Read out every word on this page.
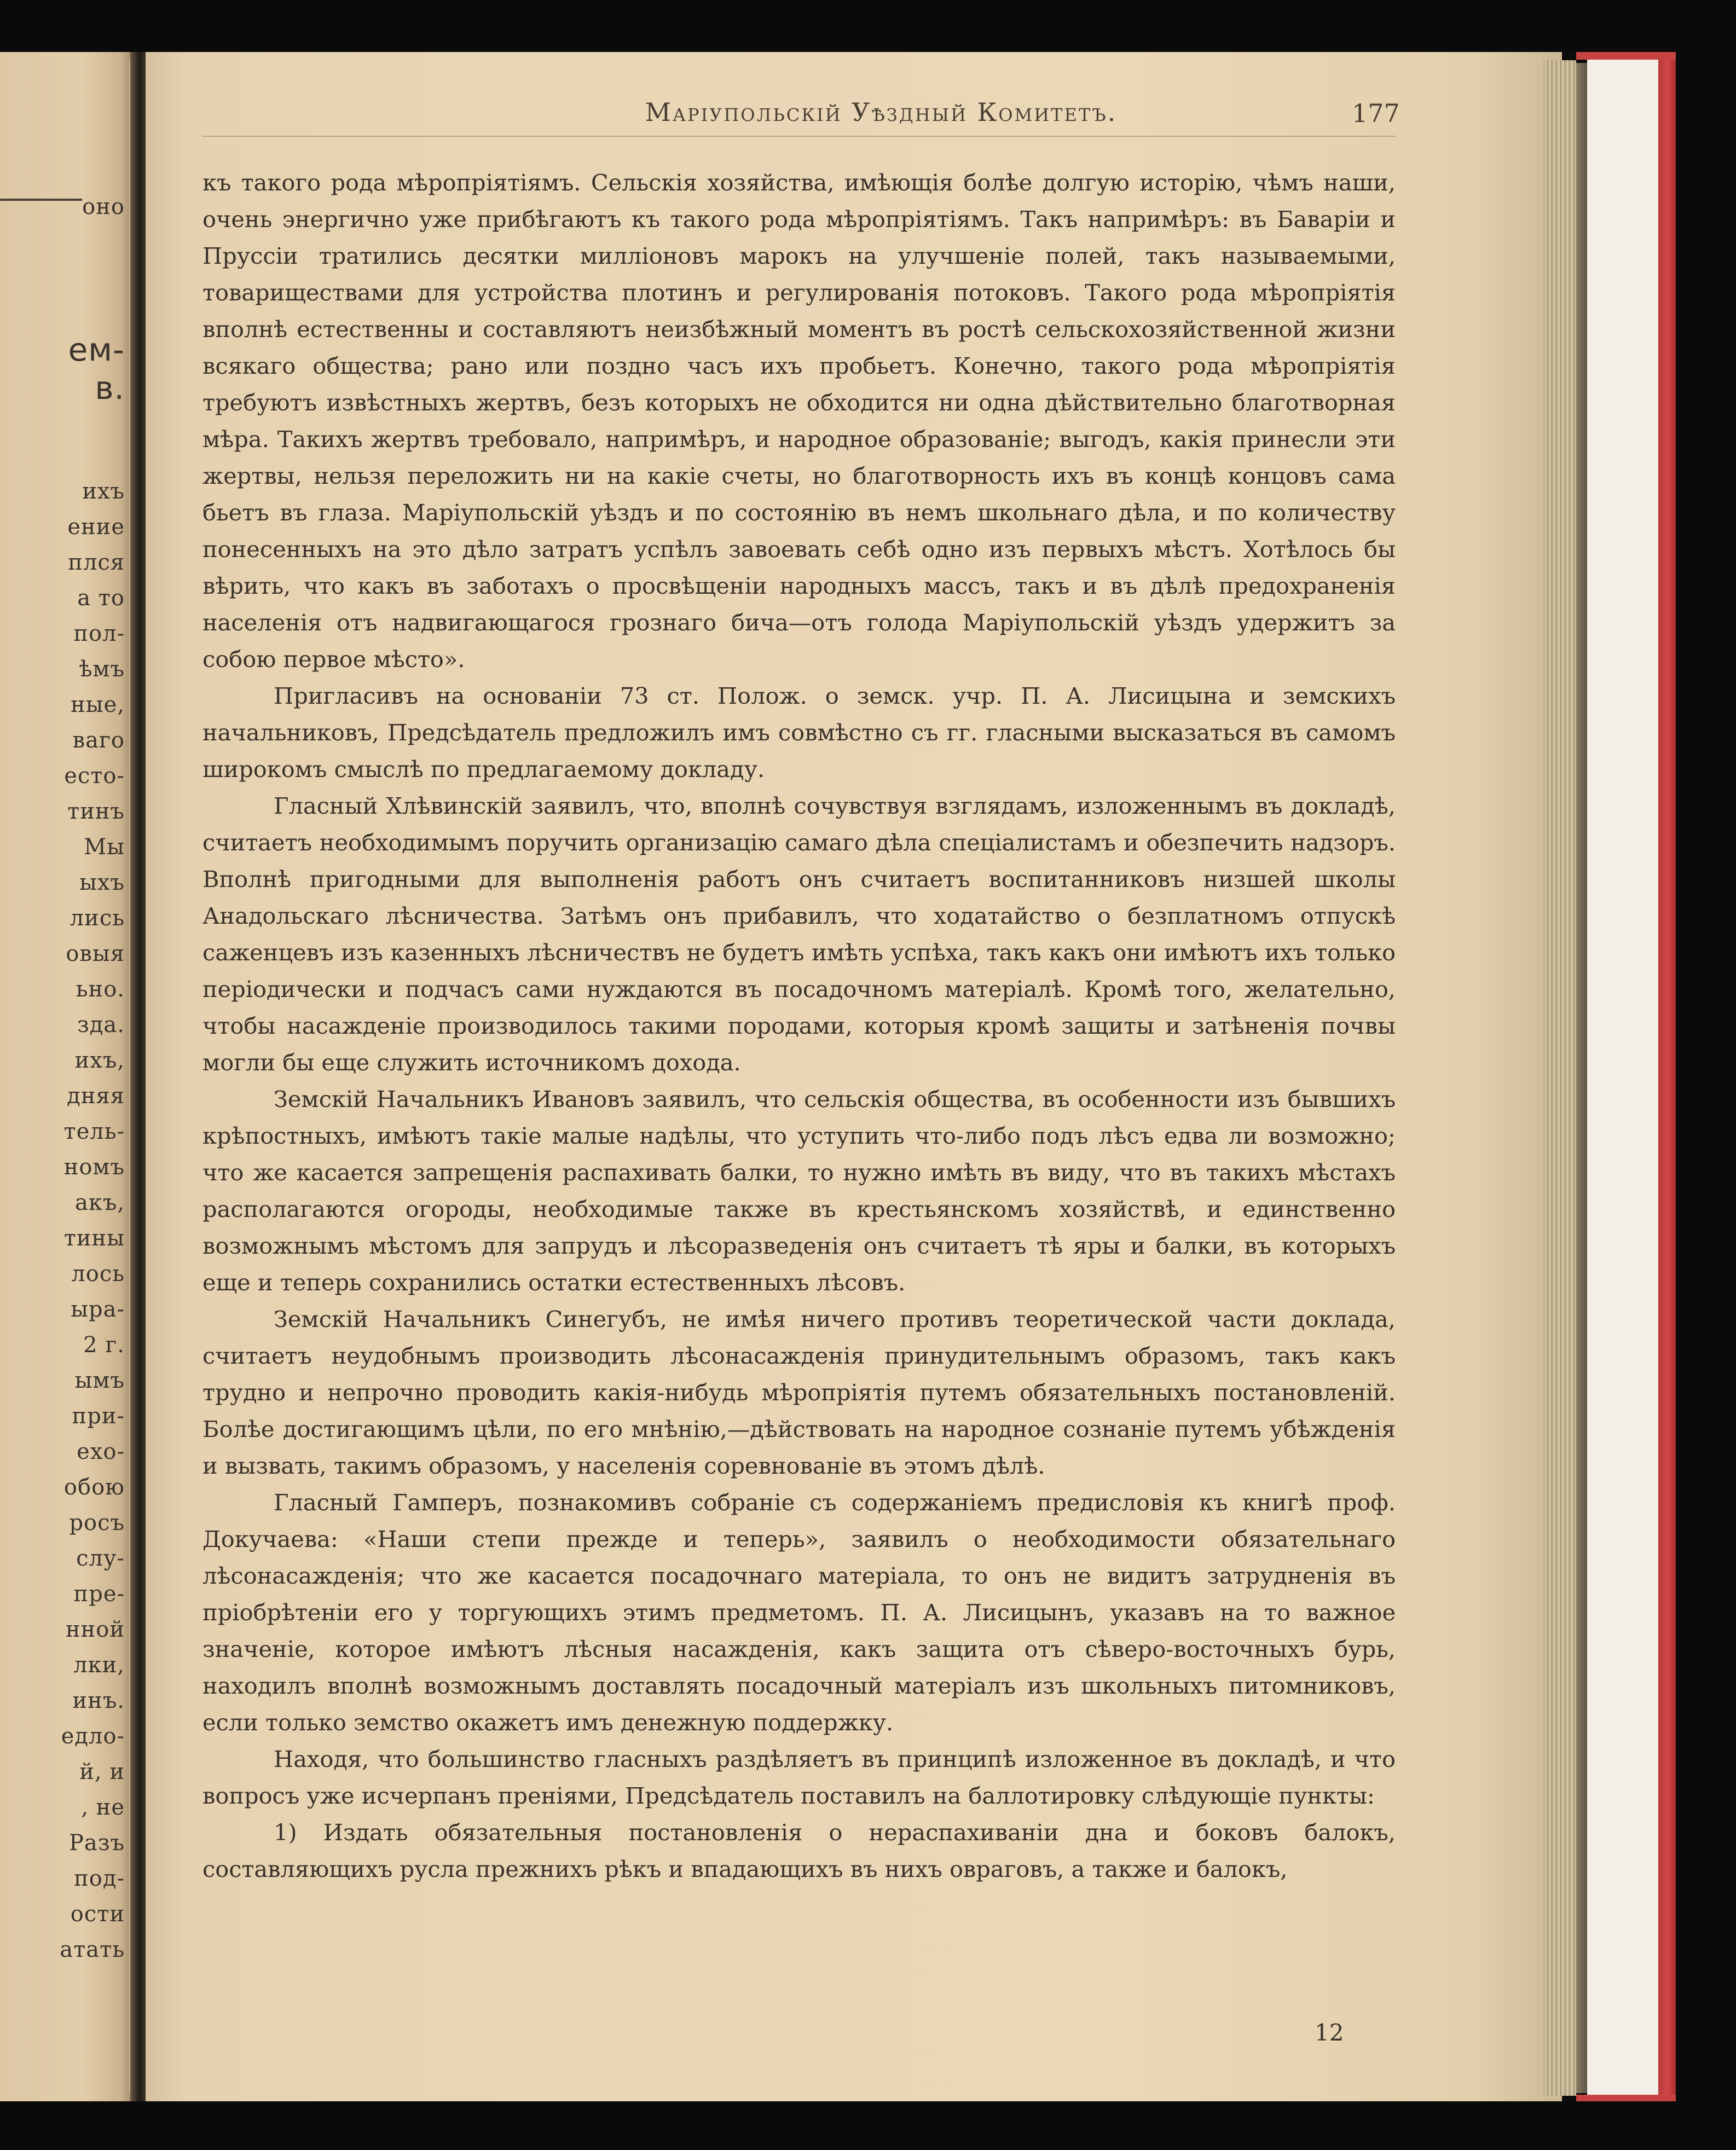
оно
ем-
в.
ихъ
ение
плся
а то
пол-
ѣмъ
ные,
ваго
есто-
тинъ
Мы
ыхъ
лись
овыя
ьно.
зда.
ихъ,
дняя
тель-
номъ
акъ,
тины
лось
ыра-
2 г.
ымъ
при-
ехо-
обою
росъ
слу-
пре-
нной
лки,
инъ.
едло-
й, и
, не
Разъ
под-
ости
атать
Маріупольскій Уѣздный Комитетъ.	177

къ такого рода мѣропріятіямъ. Сельскія хозяйства, имѣющія болѣе долгую исторію, чѣмъ наши, очень энергично уже прибѣгаютъ къ такого рода мѣропріятіямъ. Такъ напримѣръ: въ Баваріи и Пруссіи тратились десятки милліоновъ марокъ на улучшеніе полей, такъ называемыми, товариществами для устройства плотинъ и регулированія потоковъ. Такого рода мѣропріятія вполнѣ естественны и составляютъ неизбѣжный моментъ въ ростѣ сельскохозяйственной жизни всякаго общества; рано или поздно часъ ихъ пробьетъ. Конечно, такого рода мѣропріятія требуютъ извѣстныхъ жертвъ, безъ которыхъ не обходится ни одна дѣйствительно благотворная мѣра. Такихъ жертвъ требовало, напримѣръ, и народное образованіе; выгодъ, какія принесли эти жертвы, нельзя переложить ни на какіе счеты, но благотворность ихъ въ концѣ концовъ сама бьетъ въ глаза. Маріупольскій уѣздъ и по состоянію въ немъ школьнаго дѣла, и по количеству понесенныхъ на это дѣло затратъ успѣлъ завоевать себѣ одно изъ первыхъ мѣстъ. Хотѣлось бы вѣрить, что какъ въ заботахъ о просвѣщеніи народныхъ массъ, такъ и въ дѣлѣ предохраненія населенія отъ надвигающагося грознаго бича—отъ голода Маріупольскій уѣздъ удержитъ за собою первое мѣсто».

Пригласивъ на основаніи 73 ст. Полож. о земск. учр. П. А. Лисицына и земскихъ начальниковъ, Предсѣдатель предложилъ имъ совмѣстно съ гг. гласными высказаться въ самомъ широкомъ смыслѣ по предлагаемому докладу.

Гласный Хлѣвинскій заявилъ, что, вполнѣ сочувствуя взглядамъ, изложеннымъ въ докладѣ, считаетъ необходимымъ поручить организацію самаго дѣла спеціалистамъ и обезпечить надзоръ. Вполнѣ пригодными для выполненія работъ онъ считаетъ воспитанниковъ низшей школы Анадольскаго лѣсничества. Затѣмъ онъ прибавилъ, что ходатайство о безплатномъ отпускѣ саженцевъ изъ казенныхъ лѣсничествъ не будетъ имѣть успѣха, такъ какъ они имѣютъ ихъ только періодически и подчасъ сами нуждаются въ посадочномъ матеріалѣ. Кромѣ того, желательно, чтобы насажденіе производилось такими породами, которыя кромѣ защиты и затѣненія почвы могли бы еще служить источникомъ дохода.

Земскій Начальникъ Ивановъ заявилъ, что сельскія общества, въ особенности изъ бывшихъ крѣпостныхъ, имѣютъ такіе малые надѣлы, что уступить что-либо подъ лѣсъ едва ли возможно; что же касается запрещенія распахивать балки, то нужно имѣть въ виду, что въ такихъ мѣстахъ располагаются огороды, необходимые также въ крестьянскомъ хозяйствѣ, и единственно возможнымъ мѣстомъ для запрудъ и лѣсоразведенія онъ считаетъ тѣ яры и балки, въ которыхъ еще и теперь сохранились остатки естественныхъ лѣсовъ.

Земскій Начальникъ Синегубъ, не имѣя ничего противъ теоретической части доклада, считаетъ неудобнымъ производить лѣсонасажденія принудительнымъ образомъ, такъ какъ трудно и непрочно проводить какія-нибудь мѣропріятія путемъ обязательныхъ постановленій. Болѣе достигающимъ цѣли, по его мнѣнію,—дѣйствовать на народное сознаніе путемъ убѣжденія и вызвать, такимъ образомъ, у населенія соревнованіе въ этомъ дѣлѣ.

Гласный Гамперъ, познакомивъ собраніе съ содержаніемъ предисловія къ книгѣ проф. Докучаева: «Наши степи прежде и теперь», заявилъ о необходимости обязательнаго лѣсонасажденія; что же касается посадочнаго матеріала, то онъ не видитъ затрудненія въ пріобрѣтеніи его у торгующихъ этимъ предметомъ. П. А. Лисицынъ, указавъ на то важное значеніе, которое имѣютъ лѣсныя насажденія, какъ защита отъ сѣверо-восточныхъ бурь, находилъ вполнѣ возможнымъ доставлять посадочный матеріалъ изъ школьныхъ питомниковъ, если только земство окажетъ имъ денежную поддержку.

Находя, что большинство гласныхъ раздѣляетъ въ принципѣ изложенное въ докладѣ, и что вопросъ уже исчерпанъ преніями, Предсѣдатель поставилъ на баллотировку слѣдующіе пункты:

1) Издать обязательныя постановленія о нераспахиваніи дна и боковъ балокъ, составляющихъ русла прежнихъ рѣкъ и впадающихъ въ нихъ овраговъ, а также и балокъ,

12
